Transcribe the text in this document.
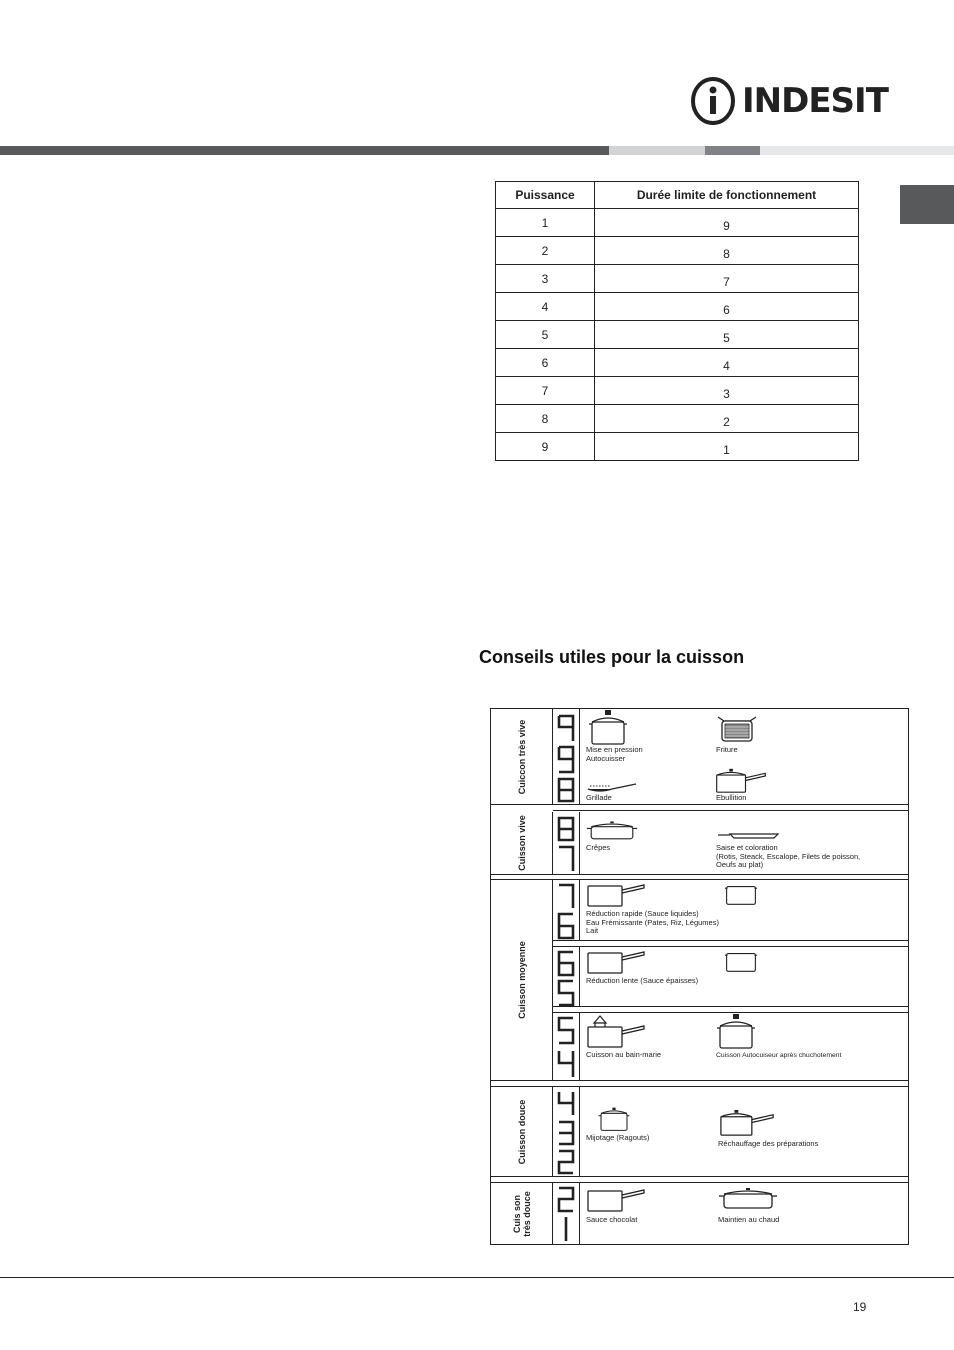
INDESIT
Puissance	Durée limite de fonctionnement
1	9
2	8
3	7
4	6
5	5
6	4
7	3
8	2
9	1
Conseils utiles pour la cuisson
Cuiccon très vive
Cuisson vive
Cuisson moyenne
Cuisson douce
Cuis son
très douce
Mise en pression
Autocuisser
Friture
Grillade	Ebullition
Crêpes	Saise et coloration
(Rotis, Steack, Escalope, Filets de poisson,
Oeufs au plat)
Réduction rapide (Sauce liquides)
Eau Frémissante (Pates, Riz, Légumes)
Lait
Réduction lente (Sauce épaisses)
Cuisson au bain-marie	Cuisson Autocuiseur après chuchotement
Mijotage (Ragouts)
Réchauffage des préparations
Sauce chocolat	Maintien au chaud
19
